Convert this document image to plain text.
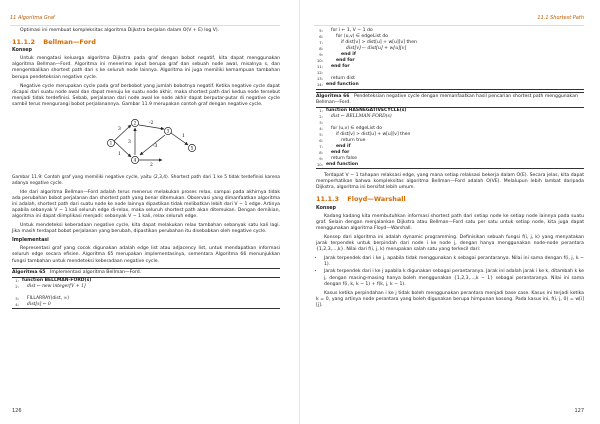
11 Algoritma Graf

Optimasi ini membuat kompleksitas algoritma Dijkstra berjalan dalam O(V + E) log V).

11.1.2 Bellman—Ford
Konsep

Untuk mengatasi keluarga algoritma Dijkstra pada graf dengan bobot negatif, kita dapat menggunakan algoritma Bellman—Ford. Algoritma ini menerima input berupa graf dan sebuah node awal, misalnya s, dan mengembalikan shortest path dari s ke seluruh node lainnya. Algoritma ini juga memiliki kemampuan tambahan berupa pendeteksian negative cycle.

Negative cycle merupakan cycle pada graf berbobot yang jumlah bobotnya negatif. Ketika negative cycle dapat dicapai dari suatu node awal dan dapat menuju ke suatu node akhir, maka shortest path dari kedua node tersebut menjadi tidak terdefinisi. Sebab, perjalanan dari node awal ke node akhir dapat berputar-putar di negative cycle sambil terus mengurangi bobot perjalanannya. Gambar 11.9 merupakan contoh graf dengan negative cycle.

3
1
-2
-3
3
1
2
1
2
3
4
5

Gambar 11.9: Contoh graf yang memiliki negative cycle, yaitu ⟨2,3,4⟩. Shortest path dari 1 ke 5 tidak terdefinisi karena adanya negative cycle.

Ide dari algoritma Bellman—Ford adalah terus menerus melakukan proses relax, sampai pada akhirnya tidak ada perubahan bobot perjalanan dan shortest path yang benar ditemukan. Observasi yang dimanfaatkan algoritma ini adalah, shortest path dari suatu node ke node lainnya dipastikan tidak melibatkan lebih dari V − 1 edge. Artinya apabila sebanyak V − 1 kali seluruh edge di-relax, maka seluruh shortest path akan ditemukan. Dengan demikian, algoritma ini dapat diimplikasi menjadi: sebanyak V − 1 kali, relax seluruh edge.

Untuk mendeteksi keberadaan negative cycle, kita dapat melakukan relax tambahan sebanyak satu kali lagi. Jika masih terdapat bobot perjalanan yang berubah, dipastikan perubahan itu disebabkan oleh negative cycle.

Implementasi

Representasi graf yang cocok digunakan adalah edge list atau adjacency list, untuk mendapatkan informasi seluruh edge secara efisien. Algoritma 65 merupakan implementasinya, sementara Algoritma 66 menunjukkan fungsi tambahan untuk mendeteksi keberadaan negative cycle.

Algoritma 65 Implementasi algoritma Bellman—Ford.
1: function BELLMAN-FORD(s)
2: dist ← new integer[V + 1]
3: FILLARRAY(dist, ∞)
4: dist[s] ← 0
126
11.1 Shortest Path
5: for i ← 1, V − 1 do
6:	for ⟨u,v⟩ ∈ edgeList do
7:	if dist[v] > dist[u] + w[u][v] then
8:	dist[v] ← dist[u] + w[u][v]
9:	end if
10:	end for
11: end for
12:
13: return dist
14: end function
Algoritma 66 Pendeteksian negative cycle dengan memanfaatkan hasil pencarian shortest path menggunakan Bellman—Ford.
1: function HASNEGATIVECYCLE(s)
2: dist ← BELLMAN-FORD(s)
3:
4: for ⟨u,v⟩ ∈ edgeList do
5:	if dist[v] > dist[u] + w[u][v] then
6:	return true
7:	end if
8: end for
9: return false
10: end function

Terdapat V − 1 tahapan relaksasi edge, yang mana setiap relaksasi bekerja dalam O(E). Secara jelas, kita dapat memperhatikan bahwa kompleksitas algoritma Bellman—Ford adalah O(VE). Melalupun lebih lambat daripada Dijkstra, algoritma ini bersifat lebih umum.

11.1.3 Floyd—Warshall
Konsep

Kadang kadang kita membutuhkan informasi shortest path dari setiap node ke setiap node lainnya pada suatu graf. Selain dengan menjalankan Dijkstra atau Bellman—Ford satu per satu untuk setiap node, kita juga dapat menggunakan algoritma Floyd—Warshall.

Konsep dari algoritma ini adalah dynamic programming. Definisikan sebuah fungsi f(i, j, k) yang menyatakan jarak terpendek untuk berpindah dari node i ke node j, dengan hanya menggunakan node-node perantara {1,2,3,...,k}. Nilai dari f(i, j, k) merupakan salah satu yang terkecil dari:

• Jarak terpendek dari i ke j, apabila tidak menggunakan k sebagai perantaranya. Nilai ini sama dengan f(i, j, k − 1).
• Jarak terpendek dari i ke j apabila k digunakan sebagai perantaranya. Jarak ini adalah jarak i ke k, ditambah k ke j, dengan masing-masing hanya boleh menggunakan {1,2,3,...,k − 1} sebagai perantaranya. Nilai ini sama dengan f(i, k, k − 1) + f(k, j, k − 1).

Kasus ketika perpindahan i ke j tidak boleh menggunakan perantara menjadi base case. Kasus ini terjadi ketika k = 0, yang artinya node perantara yang boleh digunakan berupa himpunan kosong. Pada kasus ini, f(i, j, 0) = w[i][j].

127
